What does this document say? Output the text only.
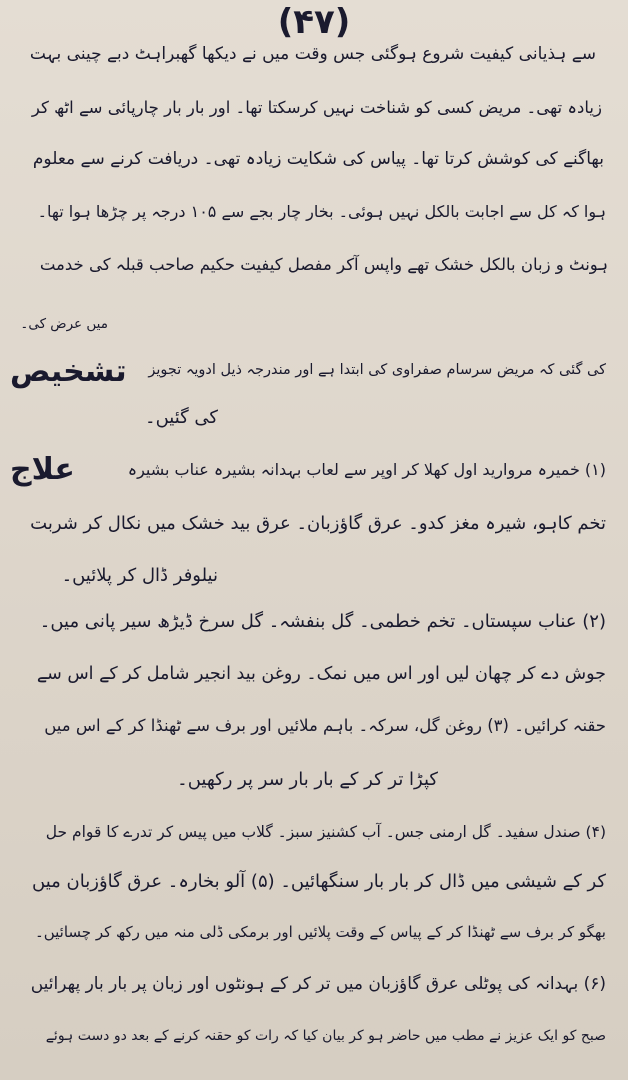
(۴۷)
سے ہذیانی کیفیت شروع ہوگئی جس وقت میں نے دیکھا گھبراہٹ دبے چینی بہت
زیادہ تھی۔ مریض کسی کو شناخت نہیں کرسکتا تھا۔ اور بار بار چارپائی سے اٹھ کر
بھاگنے کی کوشش کرتا تھا۔ پیاس کی شکایت زیادہ تھی۔ دریافت کرنے سے معلوم
ہوا کہ کل سے اجابت بالکل نہیں ہوئی۔ بخار چار بجے سے ۱۰۵ درجہ پر چڑھا ہوا تھا۔
ہونٹ و زبان بالکل خشک تھے واپس آکر مفصل کیفیت حکیم صاحب قبلہ کی خدمت
میں عرض کی۔
تشخیص	کی گئی کہ مریض سرسام صفراوی کی ابتدا ہے اور مندرجہ ذیل ادویہ تجویز
کی گئیں۔
علاج	(۱) خمیرہ مروارید اول کھلا کر اوپر سے لعاب بہدانہ بشیرہ عناب بشیرہ
تخم کاہو، شیرہ مغز کدو۔ عرق گاؤزبان۔ عرق بید خشک میں نکال کر شربت
نیلوفر ڈال کر پلائیں۔
(۲) عناب سپستاں۔ تخم خطمی۔ گل بنفشہ۔ گل سرخ ڈیڑھ سیر پانی میں۔
جوش دے کر چھان لیں اور اس میں نمک۔ روغن بید انجیر شامل کر کے اس سے
حقنہ کرائیں۔ (۳) روغن گل، سرکہ۔ باہم ملائیں اور برف سے ٹھنڈا کر کے اس میں
کپڑا تر کر کے بار بار سر پر رکھیں۔
(۴) صندل سفید۔ گل ارمنی جس۔ آب کشنیز سبز۔ گلاب میں پیس کر تدرے کا قوام حل
کر کے شیشی میں ڈال کر بار بار سنگھائیں۔ (۵) آلو بخارہ۔ عرق گاؤزبان میں
بھگو کر برف سے ٹھنڈا کر کے پیاس کے وقت پلائیں اور برمکی ڈلی منہ میں رکھ کر چسائیں۔
(۶) بہدانہ کی پوٹلی عرق گاؤزبان میں تر کر کے ہونٹوں اور زبان پر بار بار پھرائیں
صبح کو ایک عزیز نے مطب میں حاضر ہو کر بیان کیا کہ رات کو حقنہ کرنے کے بعد دو دست ہوئے
